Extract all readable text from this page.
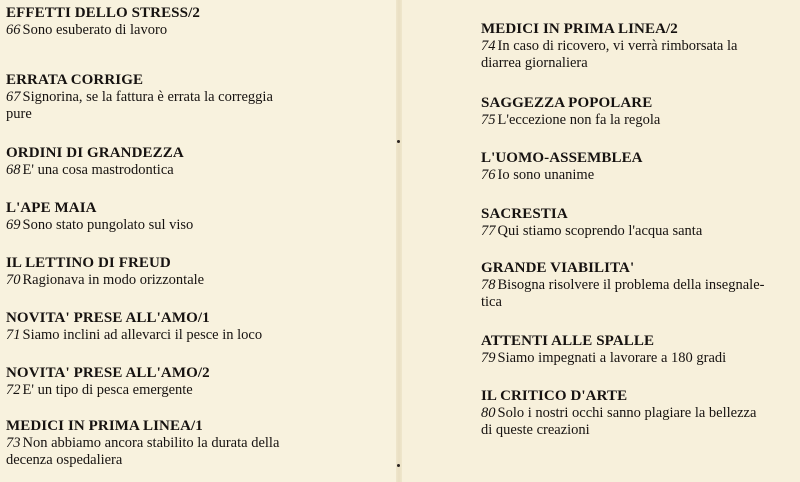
EFFETTI DELLO STRESS/2
66 Sono esuberato di lavoro
ERRATA CORRIGE
67 Signorina, se la fattura è errata la correggia
pure
ORDINI DI GRANDEZZA
68 E' una cosa mastrodontica
L'APE MAIA
69 Sono stato pungolato sul viso
IL LETTINO DI FREUD
70 Ragionava in modo orizzontale
NOVITA' PRESE ALL'AMO/1
71 Siamo inclini ad allevarci il pesce in loco
NOVITA' PRESE ALL'AMO/2
72 E' un tipo di pesca emergente
MEDICI IN PRIMA LINEA/1
73 Non abbiamo ancora stabilito la durata della
decenza ospedaliera
MEDICI IN PRIMA LINEA/2
74 In caso di ricovero, vi verrà rimborsata la
diarrea giornaliera
SAGGEZZA POPOLARE
75 L'eccezione non fa la regola
L'UOMO-ASSEMBLEA
76 Io sono unanime
SACRESTIA
77 Qui stiamo scoprendo l'acqua santa
GRANDE VIABILITA'
78 Bisogna risolvere il problema della insegnale-
tica
ATTENTI ALLE SPALLE
79 Siamo impegnati a lavorare a 180 gradi
IL CRITICO D'ARTE
80 Solo i nostri occhi sanno plagiare la bellezza
di queste creazioni
